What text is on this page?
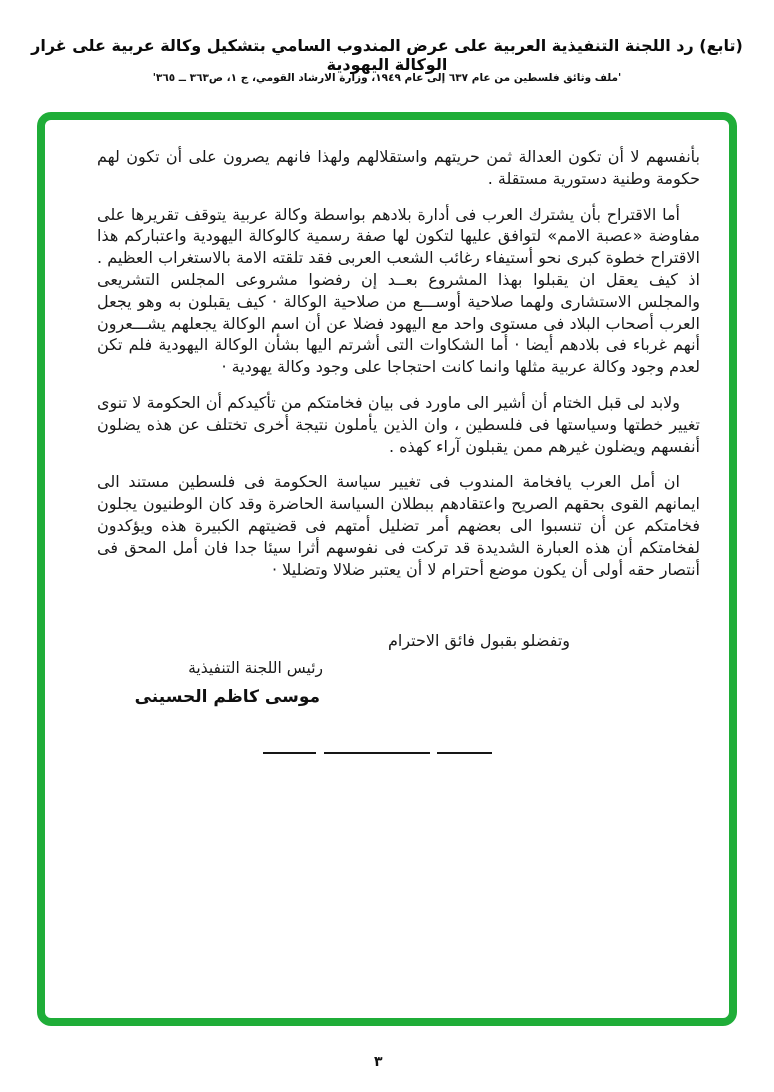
(تابع) رد اللجنة التنفيذية العربية على عرض المندوب السامي بتشكيل وكالة عربية على غرار الوكالة اليهودية
'ملف وثائق فلسطين من عام ٦٣٧ إلى عام ١٩٤٩، وزارة الارشاد القومي، ج ١، ص٣٦٣ ــ ٣٦٥'

بأنفسهم لا أن تكون العدالة ثمن حريتهم واستقلالهم ولهذا فانهم يصرون على أن تكون لهم حكومة وطنية دستورية مستقلة .

أما الاقتراح بأن يشترك العرب فى أدارة بلادهم بواسطة وكالة عربية يتوقف تقريرها على مفاوضة «عصبة الامم» لتوافق عليها لتكون لها صفة رسمية كالوكالة اليهودية واعتباركم هذا الاقتراح خطوة كبرى نحو أستيفاء رغائب الشعب العربى فقد تلقته الامة بالاستغراب العظيم . اذ كيف يعقل ان يقبلوا بهذا المشروع بعــد إن رفضوا مشروعى المجلس التشريعى والمجلس الاستشارى ولهما صلاحية أوســـع من صلاحية الوكالة · كيف يقبلون به وهو يجعل العرب أصحاب البلاد فى مستوى واحد مع اليهود فضلا عن أن اسم الوكالة يجعلهم يشـــعرون أنهم غرباء فى بلادهم أيضا · أما الشكاوات التى أشرتم اليها بشأن الوكالة اليهودية فلم تكن لعدم وجود وكالة عربية مثلها وانما كانت احتجاجا على وجود وكالة يهودية ·

ولابد لى قبل الختام أن أشير الى ماورد فى بيان فخامتكم من تأكيدكم أن الحكومة لا تنوى تغيير خطتها وسياستها فى فلسطين ، وان الذين يأملون نتيجة أخرى تختلف عن هذه يضلون أنفسهم ويضلون غيرهم ممن يقبلون آراء كهذه .

ان أمل العرب يافخامة المندوب فى تغيير سياسة الحكومة فى فلسطين مستند الى ايمانهم القوى بحقهم الصريح واعتقادهم ببطلان السياسة الحاضرة وقد كان الوطنيون يجلون فخامتكم عن أن تنسبوا الى بعضهم أمر تضليل أمتهم فى قضيتهم الكبيرة هذه ويؤكدون لفخامتكم أن هذه العبارة الشديدة قد تركت فى نفوسهم أثرا سيئا جدا فان أمل المحق فى أنتصار حقه أولى أن يكون موضع أحترام لا أن يعتبر ضلالا وتضليلا ·

وتفضلو بقبول فائق الاحترام
رئيس اللجنة التنفيذية
موسى كاظم الحسينى
٣
